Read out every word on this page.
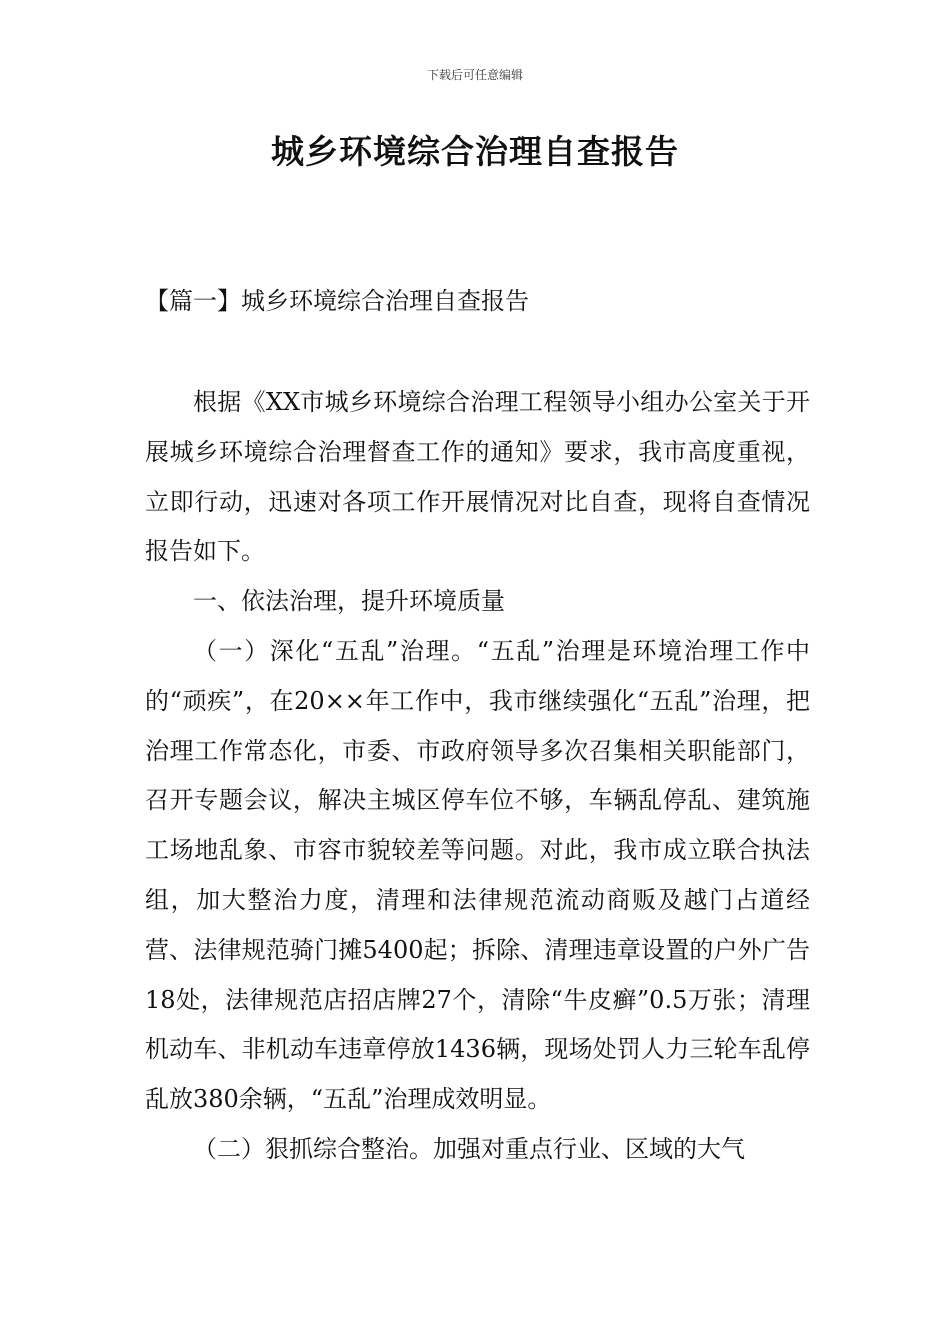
下载后可任意编辑
城乡环境综合治理自查报告
【篇一】城乡环境综合治理自查报告

根据《XX市城乡环境综合治理工程领导小组办公室关于开展城乡环境综合治理督查工作的通知》要求，我市高度重视，立即行动，迅速对各项工作开展情况对比自查，现将自查情况报告如下。

一、依法治理，提升环境质量

（一）深化“五乱”治理。“五乱”治理是环境治理工作中的“顽疾”，在20××年工作中，我市继续强化“五乱”治理，把治理工作常态化，市委、市政府领导多次召集相关职能部门，召开专题会议，解决主城区停车位不够，车辆乱停乱、建筑施工场地乱象、市容市貌较差等问题。对此，我市成立联合执法组，加大整治力度，清理和法律规范流动商贩及越门占道经营、法律规范骑门摊5400起；拆除、清理违章设置的户外广告18处，法律规范店招店牌27个，清除“牛皮癣”0.5万张；清理机动车、非机动车违章停放1436辆，现场处罚人力三轮车乱停乱放380余辆，“五乱”治理成效明显。

（二）狠抓综合整治。加强对重点行业、区域的大气
